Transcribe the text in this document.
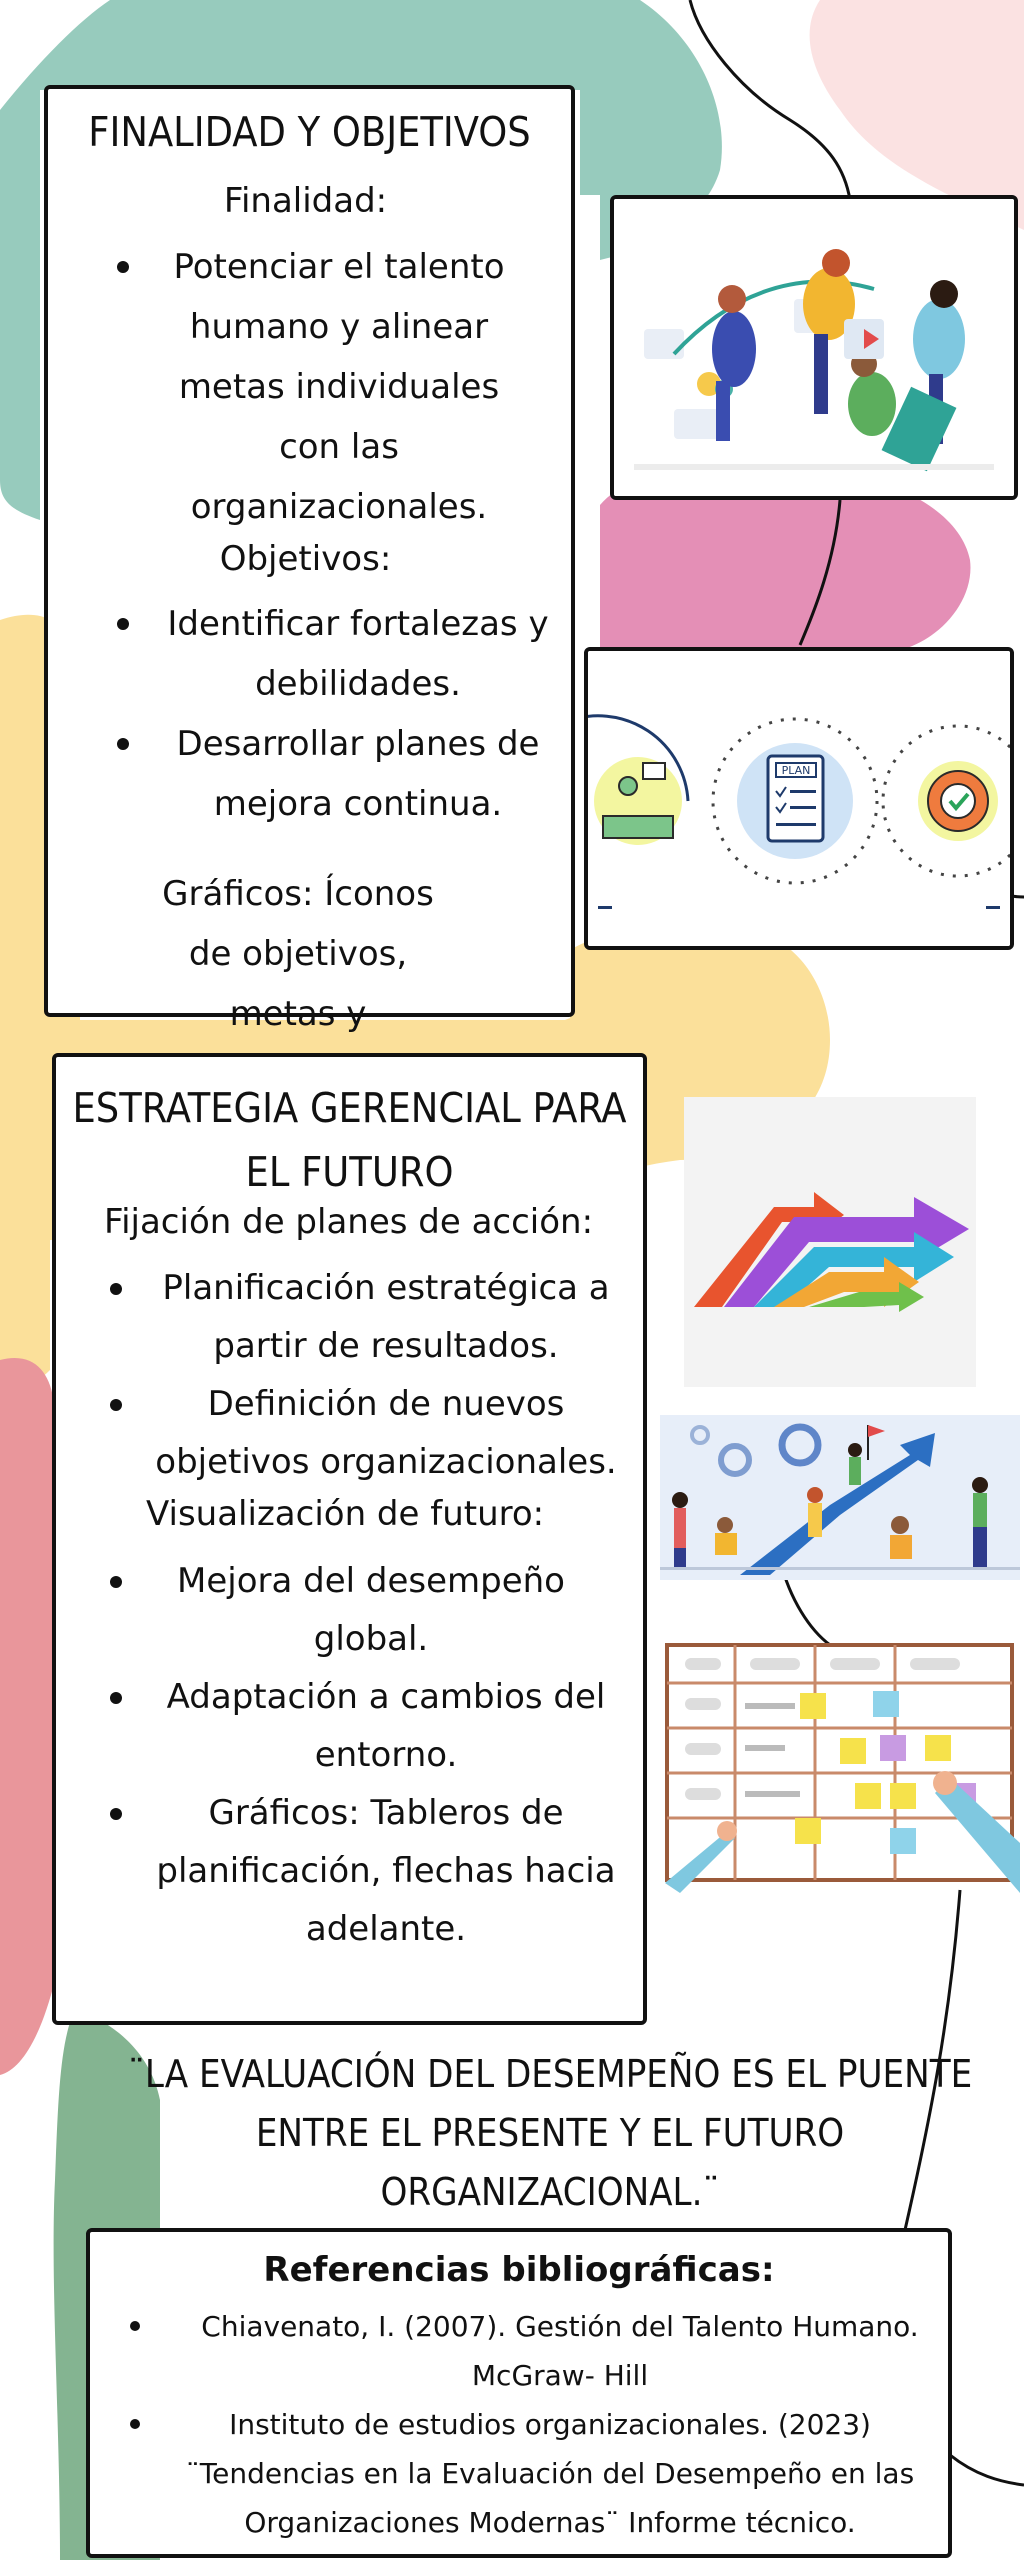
FINALIDAD Y OBJETIVOS
Finalidad:
Potenciar el talento humano y alinear metas individuales con las organizacionales.
Objetivos:
Identificar fortalezas y debilidades.
Desarrollar planes de mejora continua.
Gráficos: Íconos de objetivos, metas y
PLAN
ESTRATEGIA GERENCIAL PARA EL FUTURO
Fijación de planes de acción:
Planificación estratégica a partir de resultados.
Definición de nuevos objetivos organizacionales.
Visualización de futuro:
Mejora del desempeño global.
Adaptación a cambios del entorno.
Gráficos: Tableros de planificación, flechas hacia adelante.
¨LA EVALUACIÓN DEL DESEMPEÑO ES EL PUENTE ENTRE EL PRESENTE Y EL FUTURO ORGANIZACIONAL.¨
Referencias bibliográficas:
Chiavenato, I. (2007). Gestión del Talento Humano. McGraw- Hill
Instituto de estudios organizacionales. (2023) ¨Tendencias en la Evaluación del Desempeño en las Organizaciones Modernas¨ Informe técnico.
